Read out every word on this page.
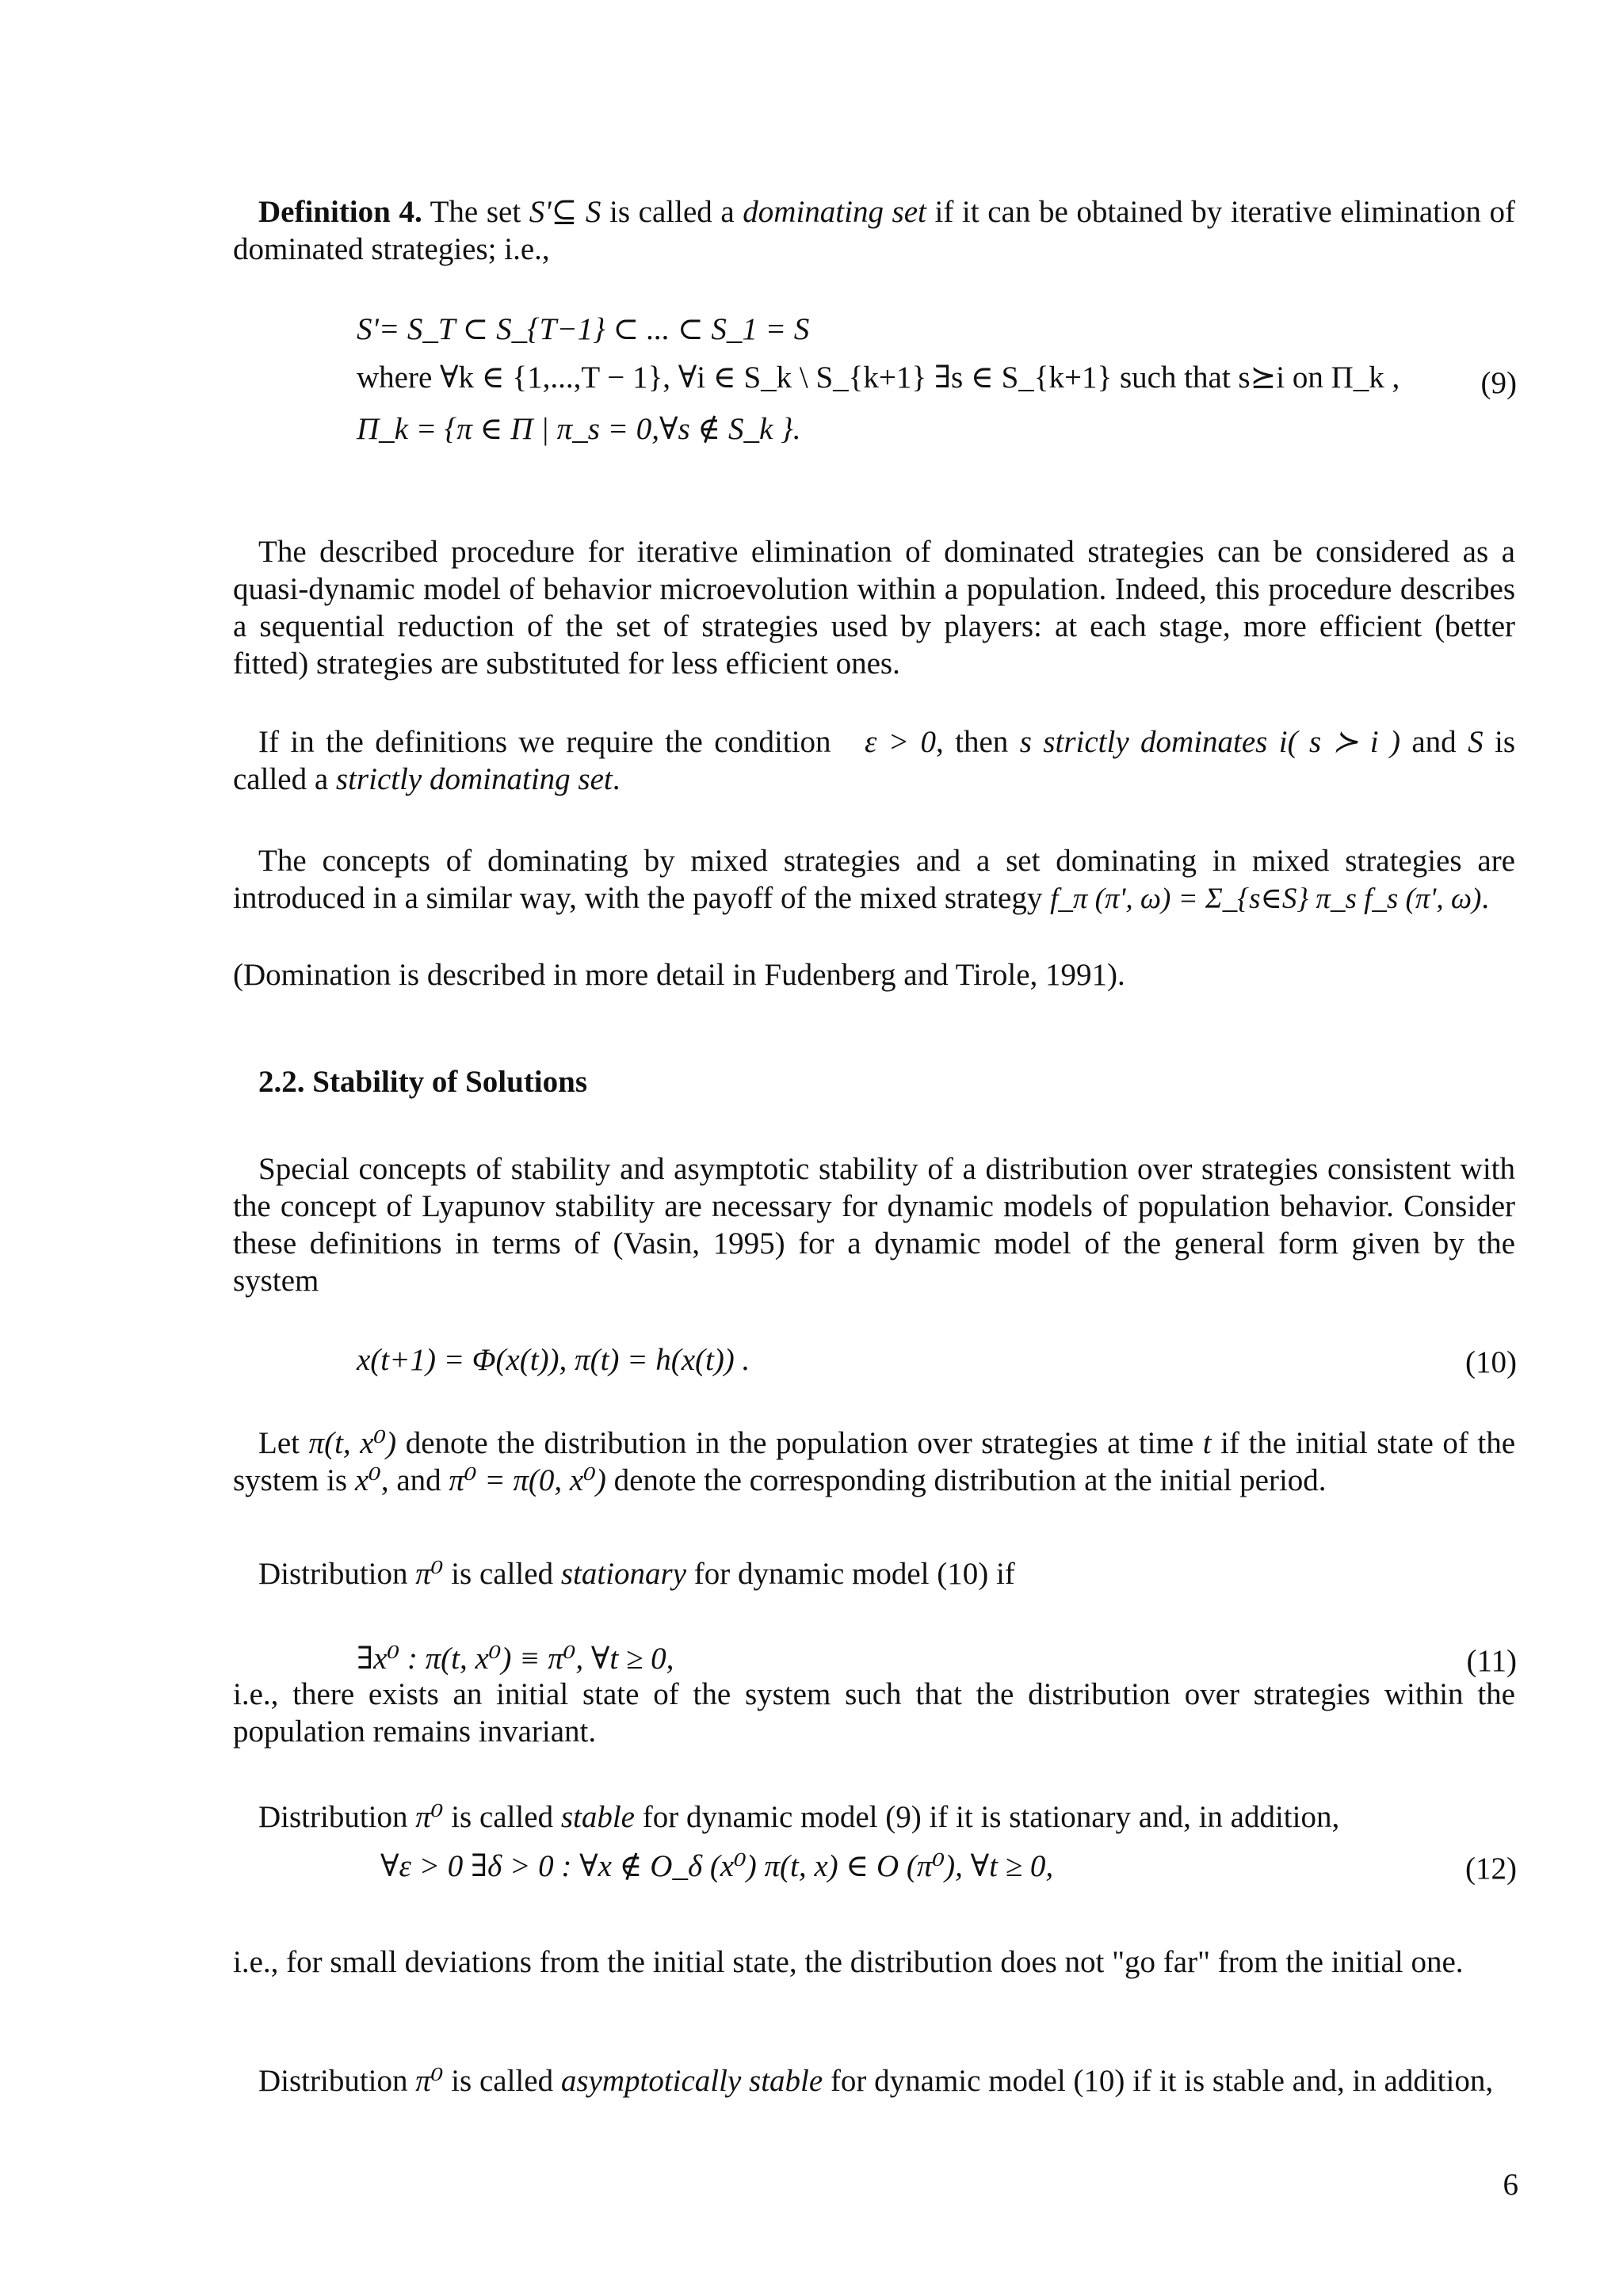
Definition 4. The set S'⊆ S is called a dominating set if it can be obtained by iterative elimination of dominated strategies; i.e.,
S'= S_T ⊂ S_{T−1} ⊂ ... ⊂ S_1 = S
where ∀k ∈ {1,...,T − 1}, ∀i ∈ S_k \ S_{k+1} ∃s ∈ S_{k+1} such that s⪰i on Π_k ,	(9)
Π_k = {π ∈ Π | π_s = 0,∀s ∉ S_k }.
The described procedure for iterative elimination of dominated strategies can be considered as a quasi-dynamic model of behavior microevolution within a population. Indeed, this procedure describes a sequential reduction of the set of strategies used by players: at each stage, more efficient (better fitted) strategies are substituted for less efficient ones.
If in the definitions we require the condition ε > 0, then s strictly dominates i( s ≻ i ) and S is called a strictly dominating set.
The concepts of dominating by mixed strategies and a set dominating in mixed strategies are introduced in a similar way, with the payoff of the mixed strategy f_π (π', ω) = Σ_{s∈S} π_s f_s (π', ω).
(Domination is described in more detail in Fudenberg and Tirole, 1991).
2.2. Stability of Solutions
Special concepts of stability and asymptotic stability of a distribution over strategies consistent with the concept of Lyapunov stability are necessary for dynamic models of population behavior. Consider these definitions in terms of (Vasin, 1995) for a dynamic model of the general form given by the system
x(t+1) = Φ(x(t)), π(t) = h(x(t)) .	(10)
Let π(t, x⁰) denote the distribution in the population over strategies at time t if the initial state of the system is x⁰, and π⁰ = π(0, x⁰) denote the corresponding distribution at the initial period.
Distribution π⁰ is called stationary for dynamic model (10) if
∃x⁰ : π(t, x⁰) ≡ π⁰, ∀t ≥ 0,	(11)
i.e., there exists an initial state of the system such that the distribution over strategies within the population remains invariant.
Distribution π⁰ is called stable for dynamic model (9) if it is stationary and, in addition,
∀ε > 0 ∃δ > 0 : ∀x ∉ O_δ (x⁰) π(t, x) ∈ O (π⁰), ∀t ≥ 0,	(12)
i.e., for small deviations from the initial state, the distribution does not "go far" from the initial one.
Distribution π⁰ is called asymptotically stable for dynamic model (10) if it is stable and, in addition,
6
